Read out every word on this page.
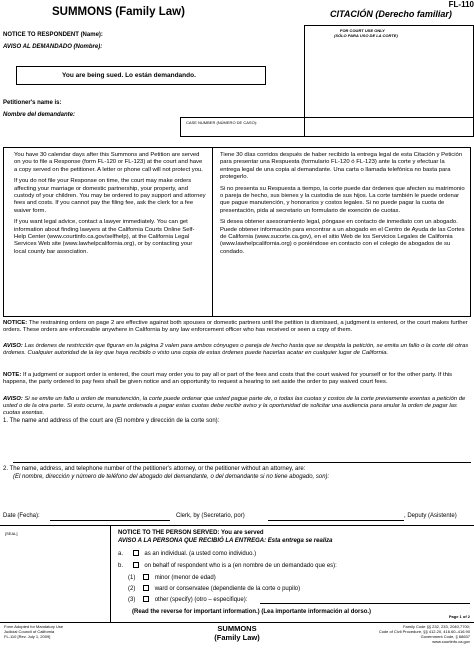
FL-110
SUMMONS (Family Law)	CITACIÓN (Derecho familiar)
NOTICE TO RESPONDENT (Name):
AVISO AL DEMANDADO (Nombre):
FOR COURT USE ONLY
(SÓLO PARA USO DE LA CORTE)
You are being sued. Lo están demandando.
Petitioner's name is:
Nombre del demandante:
CASE NUMBER (NÚMERO DE CASO):

You have 30 calendar days after this Summons and Petition are served on you to file a Response (form FL-120 or FL-123) at the court and have a copy served on the petitioner. A letter or phone call will not protect you.

If you do not file your Response on time, the court may make orders affecting your marriage or domestic partnership, your property, and custody of your children. You may be ordered to pay support and attorney fees and costs. If you cannot pay the filing fee, ask the clerk for a fee waiver form.

If you want legal advice, contact a lawyer immediately. You can get information about finding lawyers at the California Courts Online Self-Help Center (www.courtinfo.ca.gov/selfhelp), at the California Legal Services Web site (www.lawhelpcalifornia.org), or by contacting your local county bar association.

Tiene 30 días corridos después de haber recibido la entrega legal de esta Citación y Petición para presentar una Respuesta (formulario FL-120 ó FL-123) ante la corte y efectuar la entrega legal de una copia al demandante. Una carta o llamada telefónica no basta para protegerlo.

Si no presenta su Respuesta a tiempo, la corte puede dar órdenes que afecten su matrimonio o pareja de hecho, sus bienes y la custodia de sus hijos. La corte también le puede ordenar que pague manutención, y honorarios y costos legales. Si no puede pagar la cuota de presentación, pida al secretario un formulario de exención de cuotas.

Si desea obtener asesoramiento legal, póngase en contacto de inmediato con un abogado. Puede obtener información para encontrar a un abogado en el Centro de Ayuda de las Cortes de California (www.sucorte.ca.gov), en el sitio Web de los Servicios Legales de California (www.lawhelpcalifornia.org) o poniéndose en contacto con el colegio de abogados de su condado.

NOTICE: The restraining orders on page 2 are effective against both spouses or domestic partners until the petition is dismissed, a judgment is entered, or the court makes further orders. These orders are enforceable anywhere in California by any law enforcement officer who has received or seen a copy of them.
AVISO: Las órdenes de restricción que figuran en la página 2 valen para ambos cónyuges o pareja de hecho hasta que se despida la petición, se emita un fallo o la corte dé otras órdenes. Cualquier autoridad de la ley que haya recibido o visto una copia de estas órdenes puede hacerlas acatar en cualquier lugar de California.
NOTE: If a judgment or support order is entered, the court may order you to pay all or part of the fees and costs that the court waived for yourself or for the other party. If this happens, the party ordered to pay fees shall be given notice and an opportunity to request a hearing to set aside the order to pay waived court fees.
AVISO: Si se emite un fallo u orden de manutención, la corte puede ordenar que usted pague parte de, o todas las cuotas y costos de la corte previamente exentas a petición de usted o de la otra parte. Si esto ocurre, la parte ordenada a pagar estas cuotas debe recibir aviso y la oportunidad de solicitar una audiencia para anular la orden de pagar las cuotas exentas.
1. The name and address of the court are (El nombre y dirección de la corte son):
2. The name, address, and telephone number of the petitioner's attorney, or the petitioner without an attorney, are:
(El nombre, dirección y número de teléfono del abogado del demandante, o del demandante si no tiene abogado, son):
Date (Fecha):	Clerk, by (Secretario, por)	, Deputy (Asistente)
[SEAL]	NOTICE TO THE PERSON SERVED: You are served
AVISO A LA PERSONA QUE RECIBIÓ LA ENTREGA: Esta entrega se realiza
a.	as an individual. (a usted como individuo.)
b.	on behalf of respondent who is a (en nombre de un demandado que es):
(1)	minor (menor de edad)
(2)	ward or conservatee (dependiente de la corte o pupilo)
(3)	other (specify) (otro – especifique):
(Read the reverse for important information.) (Lea importante información al dorso.)
Page 1 of 2
Form Adopted for Mandatory Use
Judicial Council of California
FL-110 [Rev. July 1, 2009]
SUMMONS
(Family Law)
Family Code §§ 232, 233, 2040,7700;
Code of Civil Procedure, §§ 412.20, 416.60–416.90
Government Code, § 68637
www.courtinfo.ca.gov
